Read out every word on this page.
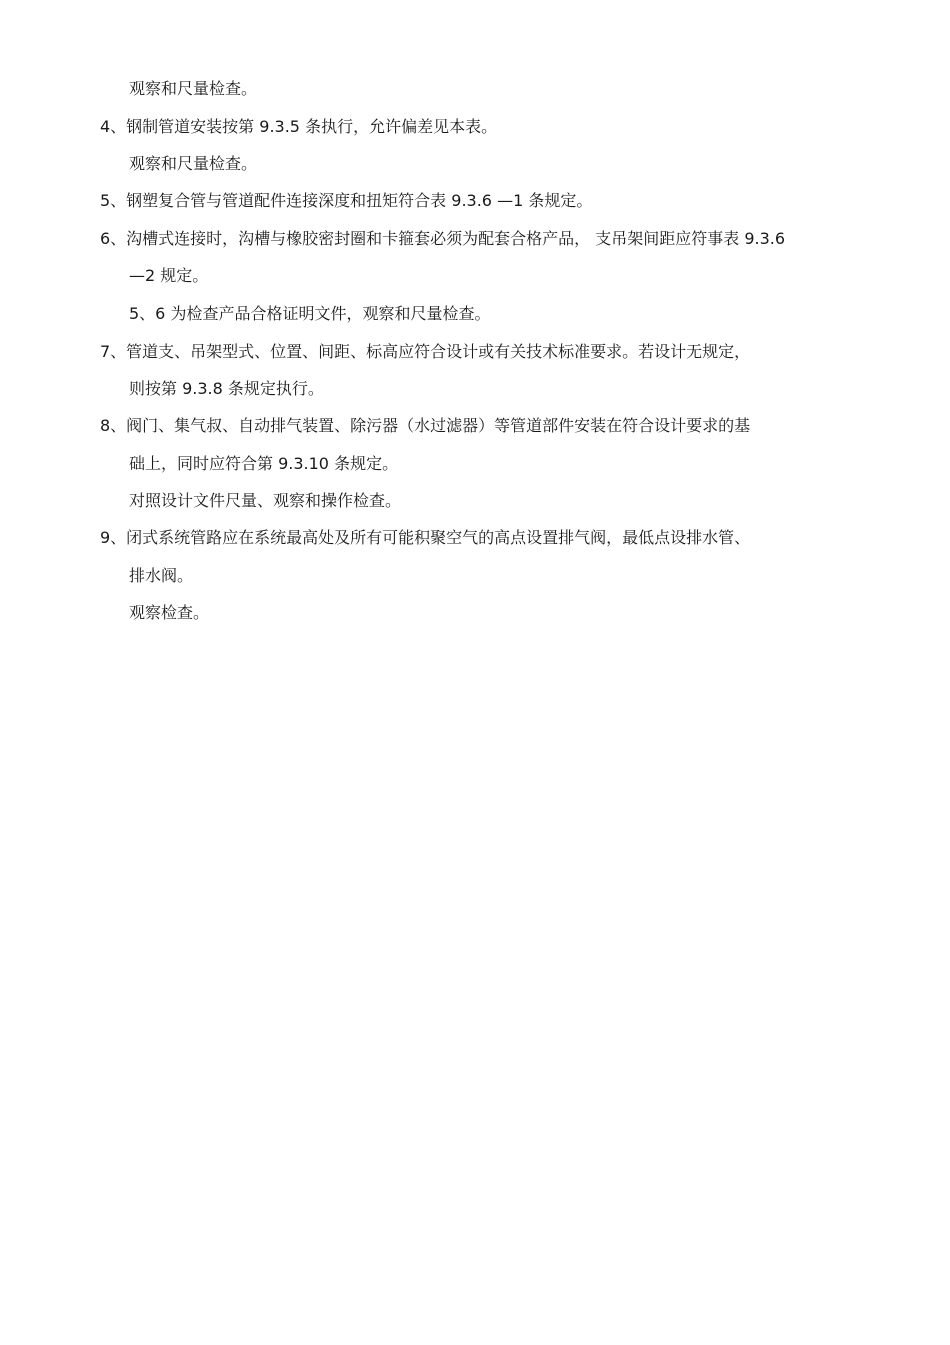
观察和尺量检查。
4、钢制管道安装按第 9.3.5 条执行，允许偏差见本表。
观察和尺量检查。
5、钢塑复合管与管道配件连接深度和扭矩符合表 9.3.6 —1 条规定。
6、沟槽式连接时，沟槽与橡胶密封圈和卡箍套必须为配套合格产品， 支吊架间距应符事表 9.3.6
—2 规定。
5、6 为检查产品合格证明文件，观察和尺量检查。
7、管道支、吊架型式、位置、间距、标高应符合设计或有关技术标准要求。若设计无规定，
则按第 9.3.8 条规定执行。
8、阀门、集气叔、自动排气装置、除污器（水过滤器）等管道部件安装在符合设计要求的基
础上，同时应符合第 9.3.10 条规定。
对照设计文件尺量、观察和操作检查。
9、闭式系统管路应在系统最高处及所有可能积聚空气的高点设置排气阀，最低点设排水管、
排水阀。
观察检查。
